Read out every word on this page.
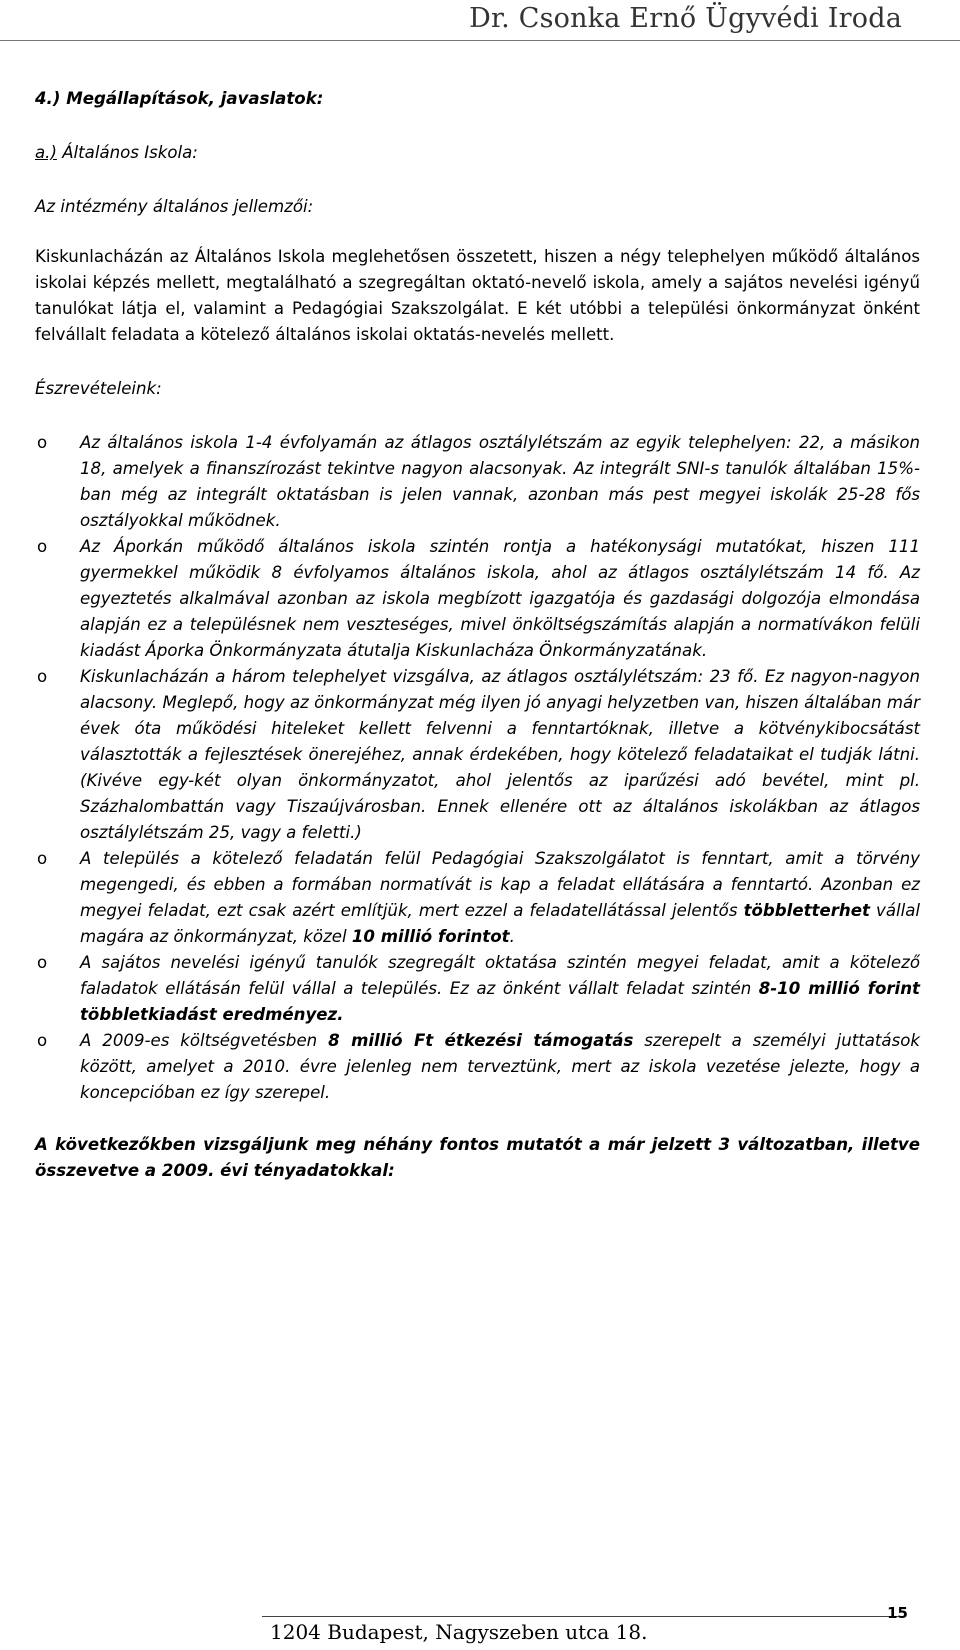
Dr. Csonka Ernő Ügyvédi Iroda

4.) Megállapítások, javaslatok:

a.) Általános Iskola:

Az intézmény általános jellemzői:

Kiskunlacházán az Általános Iskola meglehetősen összetett, hiszen a négy telephelyen működő általános iskolai képzés mellett, megtalálható a szegregáltan oktató-nevelő iskola, amely a sajátos nevelési igényű tanulókat látja el, valamint a Pedagógiai Szakszolgálat. E két utóbbi a települési önkormányzat önként felvállalt feladata a kötelező általános iskolai oktatás-nevelés mellett.

Észrevételeink:

o Az általános iskola 1-4 évfolyamán az átlagos osztálylétszám az egyik telephelyen: 22, a másikon 18, amelyek a finanszírozást tekintve nagyon alacsonyak. Az integrált SNI-s tanulók általában 15%-ban még az integrált oktatásban is jelen vannak, azonban más pest megyei iskolák 25-28 fős osztályokkal működnek.
o Az Áporkán működő általános iskola szintén rontja a hatékonysági mutatókat, hiszen 111 gyermekkel működik 8 évfolyamos általános iskola, ahol az átlagos osztálylétszám 14 fő. Az egyeztetés alkalmával azonban az iskola megbízott igazgatója és gazdasági dolgozója elmondása alapján ez a településnek nem veszteséges, mivel önköltségszámítás alapján a normatívákon felüli kiadást Áporka Önkormányzata átutalja Kiskunlacháza Önkormányzatának.
o Kiskunlacházán a három telephelyet vizsgálva, az átlagos osztálylétszám: 23 fő. Ez nagyon-nagyon alacsony. Meglepő, hogy az önkormányzat még ilyen jó anyagi helyzetben van, hiszen általában már évek óta működési hiteleket kellett felvenni a fenntartóknak, illetve a kötvénykibocsátást választották a fejlesztések önerejéhez, annak érdekében, hogy kötelező feladataikat el tudják látni. (Kivéve egy-két olyan önkormányzatot, ahol jelentős az iparűzési adó bevétel, mint pl. Százhalombattán vagy Tiszaújvárosban. Ennek ellenére ott az általános iskolákban az átlagos osztálylétszám 25, vagy a feletti.)
o A település a kötelező feladatán felül Pedagógiai Szakszolgálatot is fenntart, amit a törvény megengedi, és ebben a formában normatívát is kap a feladat ellátására a fenntartó. Azonban ez megyei feladat, ezt csak azért említjük, mert ezzel a feladatellátással jelentős többletterhet vállal magára az önkormányzat, közel 10 millió forintot.
o A sajátos nevelési igényű tanulók szegregált oktatása szintén megyei feladat, amit a kötelező faladatok ellátásán felül vállal a település. Ez az önként vállalt feladat szintén 8-10 millió forint többletkiadást eredményez.
o A 2009-es költségvetésben 8 millió Ft étkezési támogatás szerepelt a személyi juttatások között, amelyet a 2010. évre jelenleg nem terveztünk, mert az iskola vezetése jelezte, hogy a koncepcióban ez így szerepel.

A következőkben vizsgáljunk meg néhány fontos mutatót a már jelzett 3 változatban, illetve összevetve a 2009. évi tényadatokkal:

1204 Budapest, Nagyszeben utca 18.
15
